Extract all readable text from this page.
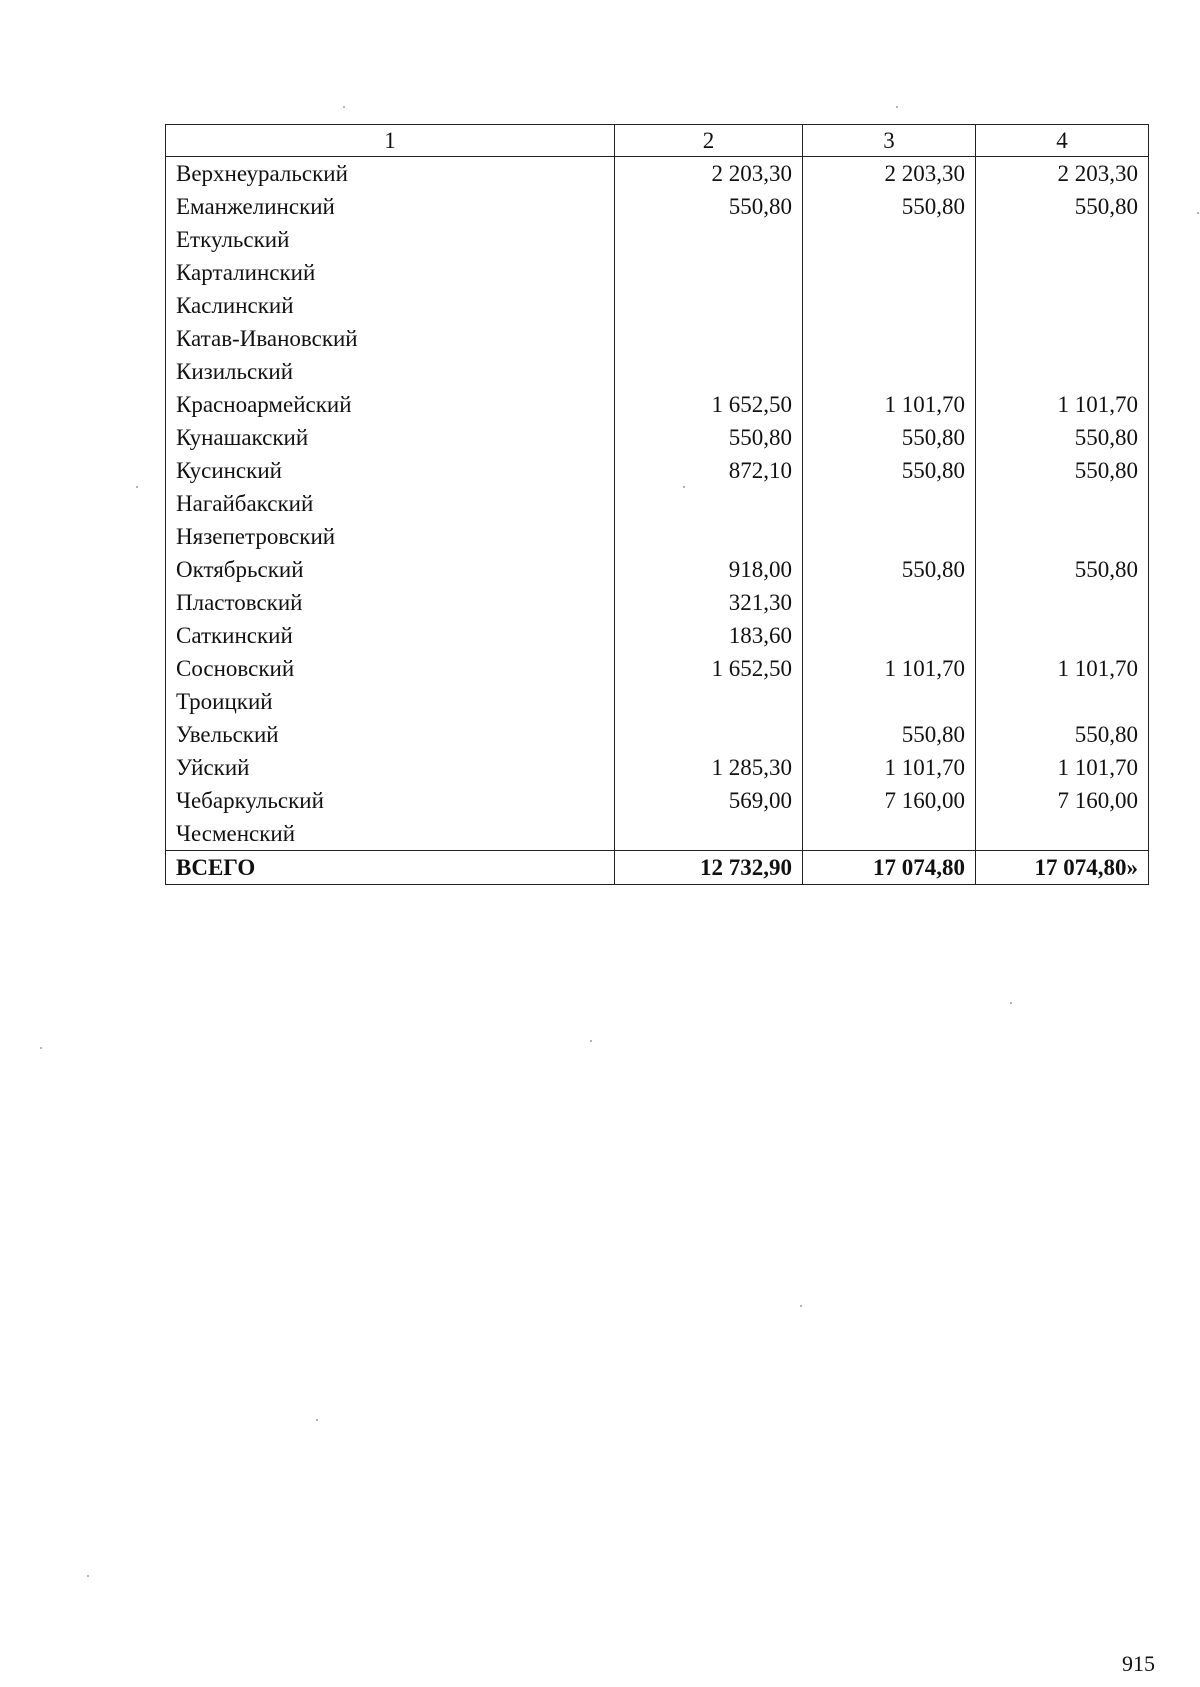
1	2	3	4
Верхнеуральский	2 203,30	2 203,30	2 203,30
Еманжелинский	550,80	550,80	550,80
Еткульский			
Карталинский			
Каслинский			
Катав-Ивановский			
Кизильский			
Красноармейский	1 652,50	1 101,70	1 101,70
Кунашакский	550,80	550,80	550,80
Кусинский	872,10	550,80	550,80
Нагайбакский			
Нязепетровский			
Октябрьский	918,00	550,80	550,80
Пластовский	321,30		
Саткинский	183,60		
Сосновский	1 652,50	1 101,70	1 101,70
Троицкий			
Увельский		550,80	550,80
Уйский	1 285,30	1 101,70	1 101,70
Чебаркульский	569,00	7 160,00	7 160,00
Чесменский			
ВСЕГО	12 732,90	17 074,80	17 074,80»
915
